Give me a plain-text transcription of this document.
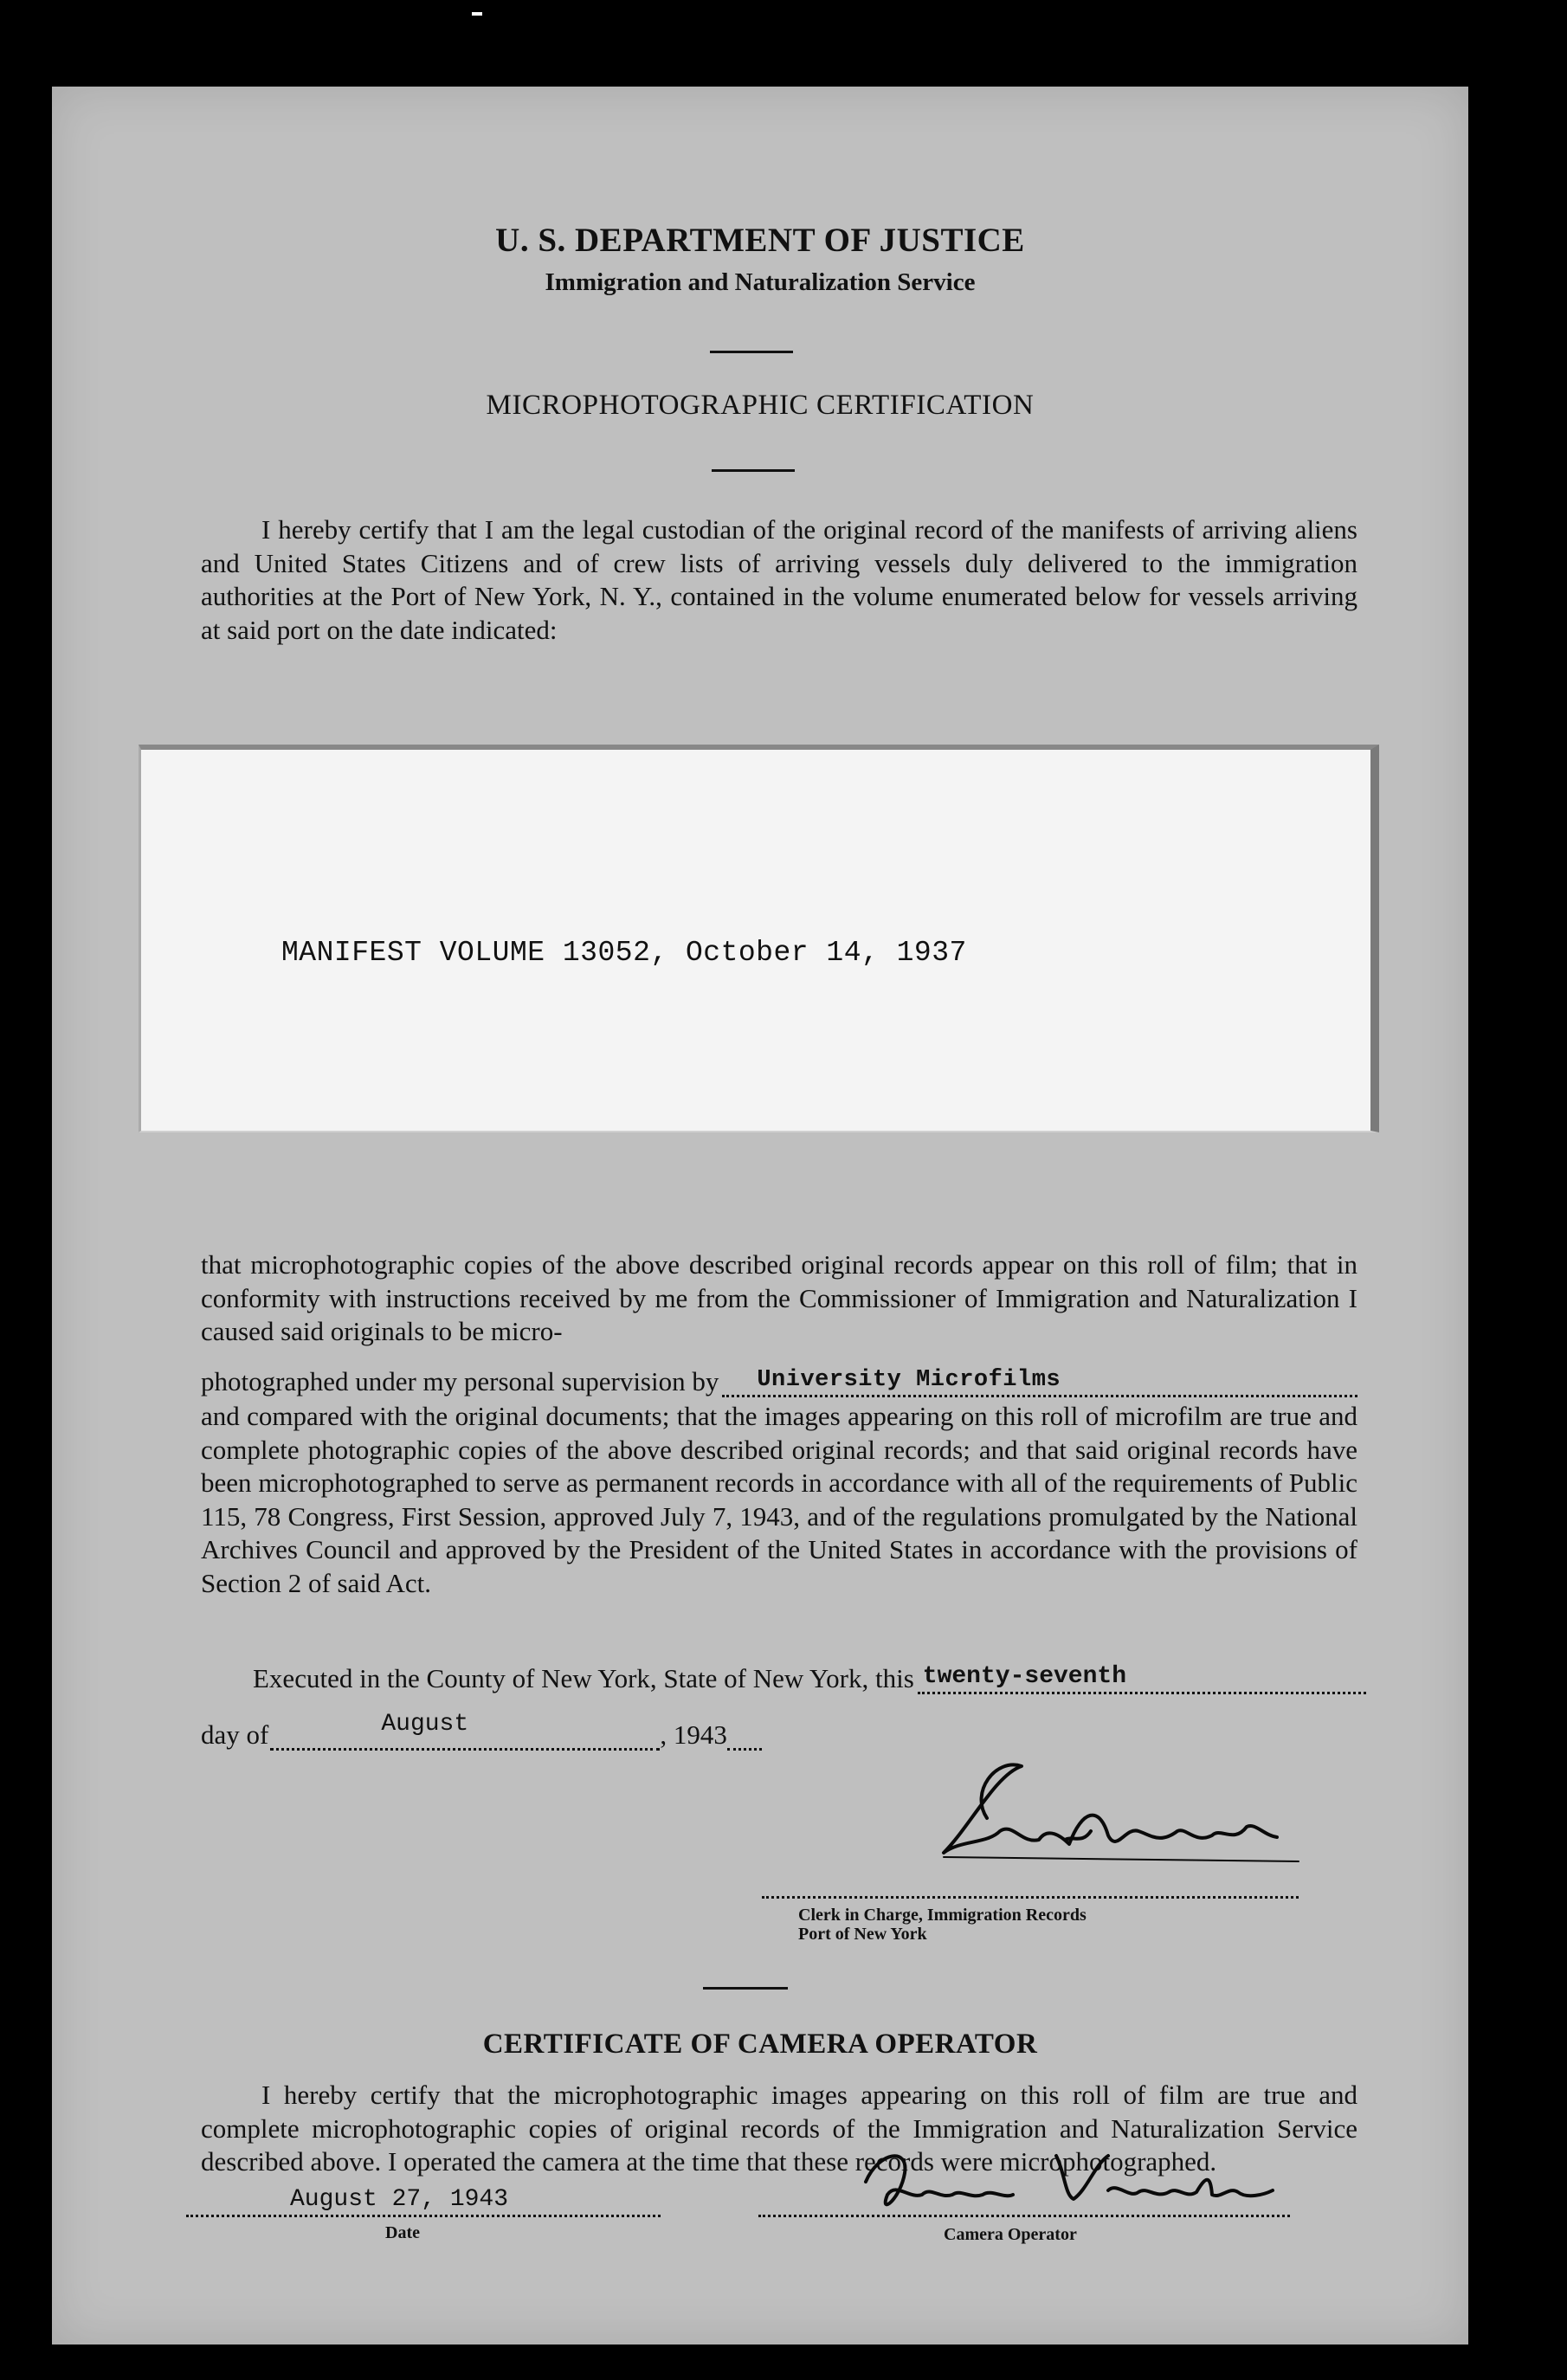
U. S. DEPARTMENT OF JUSTICE
Immigration and Naturalization Service
MICROPHOTOGRAPHIC CERTIFICATION

I hereby certify that I am the legal custodian of the original record of the manifests of arriving aliens and United States Citizens and of crew lists of arriving vessels duly delivered to the immigration authorities at the Port of New York, N. Y., contained in the volume enumerated below for vessels arriving at said port on the date indicated:

MANIFEST VOLUME 13052, October 14, 1937

that microphotographic copies of the above described original records appear on this roll of film; that in conformity with instructions received by me from the Commissioner of Immigration and Naturalization I caused said originals to be micro-

photographed under my personal supervision by University Microfilms

and compared with the original documents; that the images appearing on this roll of microfilm are true and complete photographic copies of the above described original records; and that said original records have been microphotographed to serve as permanent records in accordance with all of the requirements of Public 115, 78 Congress, First Session, approved July 7, 1943, and of the regulations promulgated by the National Archives Council and approved by the President of the United States in accordance with the provisions of Section 2 of said Act.

Executed in the County of New York, State of New York, this twenty-seventh
day of	August	, 1943
Clerk in Charge, Immigration Records
Port of New York
CERTIFICATE OF CAMERA OPERATOR

I hereby certify that the microphotographic images appearing on this roll of film are true and complete microphotographic copies of original records of the Immigration and Naturalization Service described above. I operated the camera at the time that these records were microphotographed.

August 27, 1943
Date	Camera Operator
